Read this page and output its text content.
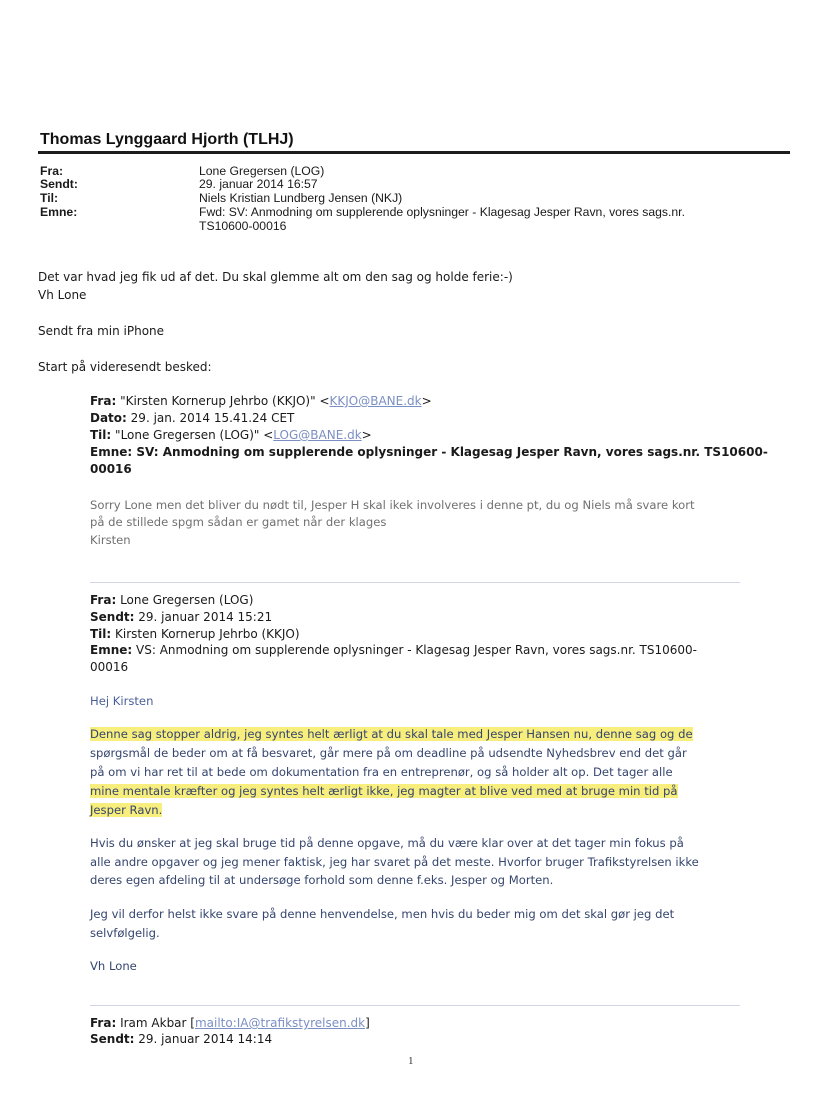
Thomas Lynggaard Hjorth (TLHJ)
Fra:
Sendt:
Til:
Emne:
Lone Gregersen (LOG)
29. januar 2014 16:57
Niels Kristian Lundberg Jensen (NKJ)
Fwd: SV: Anmodning om supplerende oplysninger - Klagesag Jesper Ravn, vores sags.nr.
TS10600-00016
Det var hvad jeg fik ud af det. Du skal glemme alt om den sag og holde ferie:-)
Vh Lone
Sendt fra min iPhone
Start på videresendt besked:
Fra: "Kirsten Kornerup Jehrbo (KKJO)" <KKJO@BANE.dk>
Dato: 29. jan. 2014 15.41.24 CET
Til: "Lone Gregersen (LOG)" <LOG@BANE.dk>
Emne: SV: Anmodning om supplerende oplysninger - Klagesag Jesper Ravn, vores sags.nr. TS10600-
00016
Sorry Lone men det bliver du nødt til, Jesper H skal ikek involveres i denne pt, du og Niels må svare kort
på de stillede spgm sådan er gamet når der klages
Kirsten
Fra: Lone Gregersen (LOG)
Sendt: 29. januar 2014 15:21
Til: Kirsten Kornerup Jehrbo (KKJO)
Emne: VS: Anmodning om supplerende oplysninger - Klagesag Jesper Ravn, vores sags.nr. TS10600-
00016
Hej Kirsten
Denne sag stopper aldrig, jeg syntes helt ærligt at du skal tale med Jesper Hansen nu, denne sag og de
spørgsmål de beder om at få besvaret, går mere på om deadline på udsendte Nyhedsbrev end det går
på om vi har ret til at bede om dokumentation fra en entreprenør, og så holder alt op. Det tager alle
mine mentale kræfter og jeg syntes helt ærligt ikke, jeg magter at blive ved med at bruge min tid på
Jesper Ravn.
Hvis du ønsker at jeg skal bruge tid på denne opgave, må du være klar over at det tager min fokus på
alle andre opgaver og jeg mener faktisk, jeg har svaret på det meste. Hvorfor bruger Trafikstyrelsen ikke
deres egen afdeling til at undersøge forhold som denne f.eks. Jesper og Morten.
Jeg vil derfor helst ikke svare på denne henvendelse, men hvis du beder mig om det skal gør jeg det
selvfølgelig.
Vh Lone
Fra: Iram Akbar [mailto:IA@trafikstyrelsen.dk]
Sendt: 29. januar 2014 14:14
1
